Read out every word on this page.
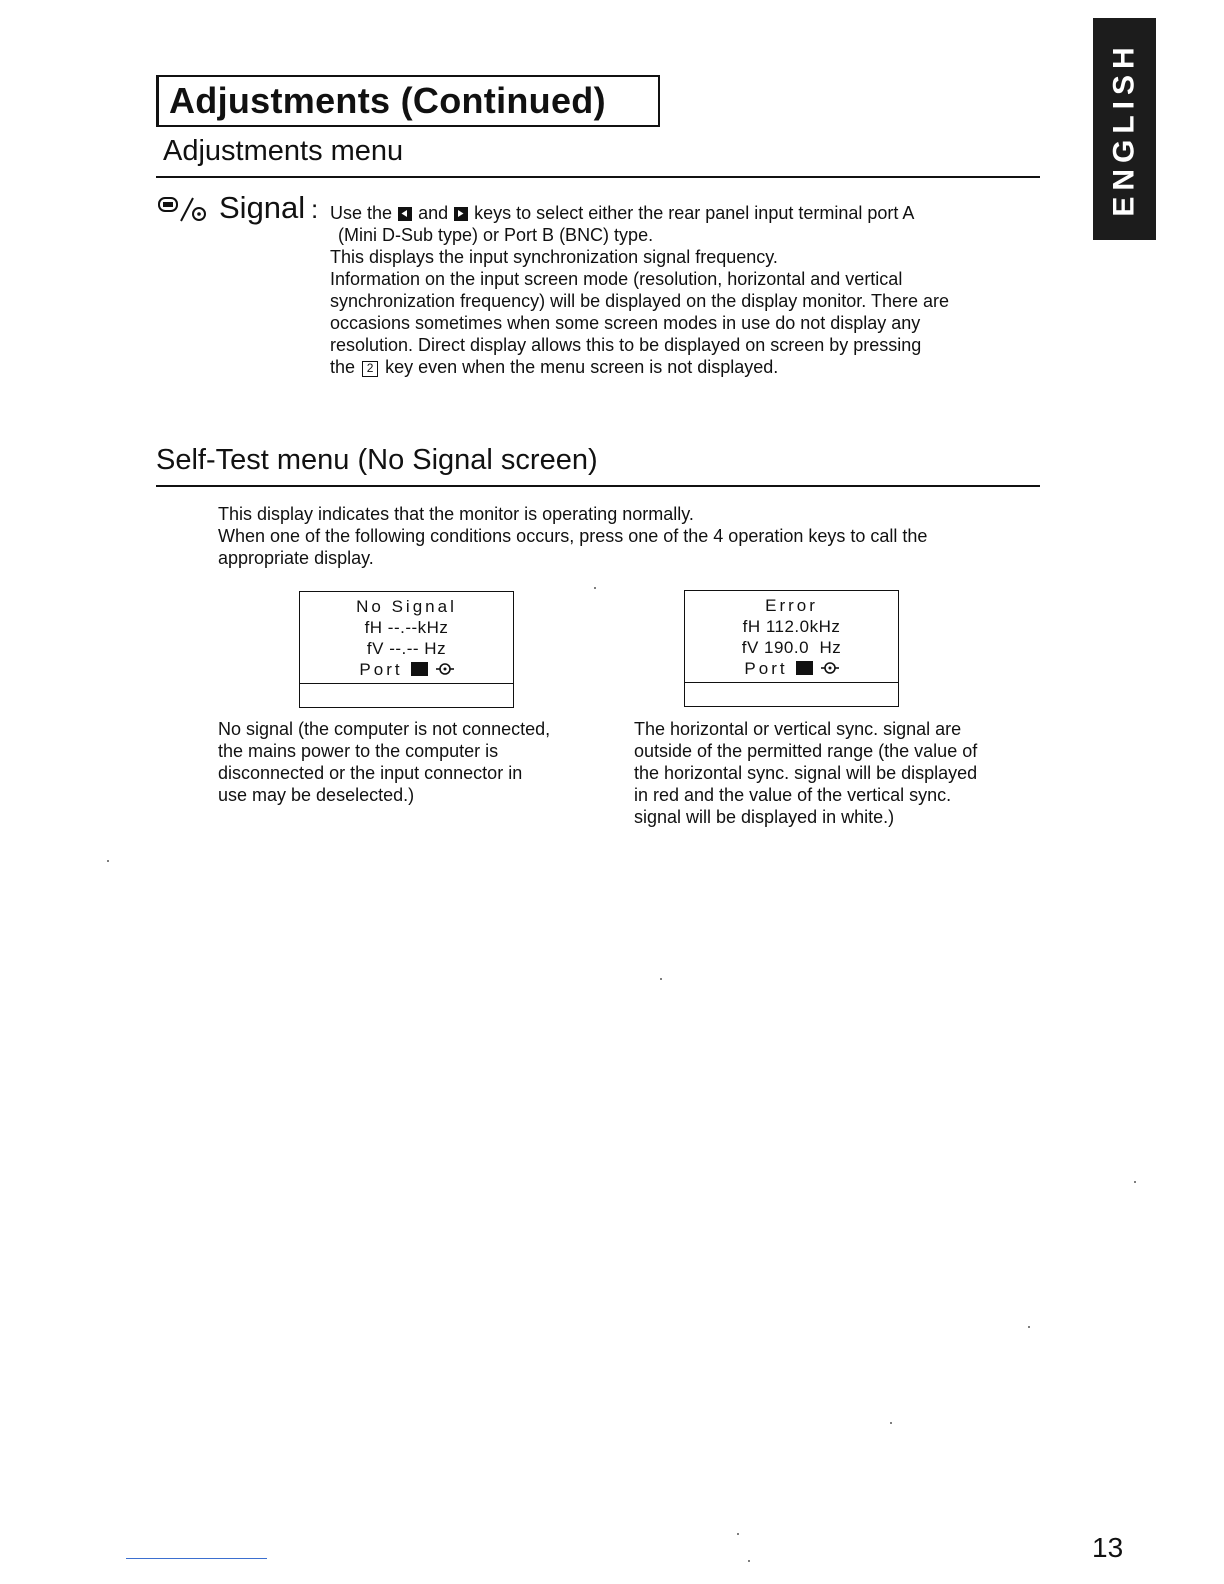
ENGLISH
Adjustments (Continued)
Adjustments menu
Signal : Use the and keys to select either the rear panel input terminal port A
(Mini D-Sub type) or Port B (BNC) type.
This displays the input synchronization signal frequency.
Information on the input screen mode (resolution, horizontal and vertical
synchronization frequency) will be displayed on the display monitor. There are
occasions sometimes when some screen modes in use do not display any
resolution. Direct display allows this to be displayed on screen by pressing
the 2 key even when the menu screen is not displayed.
Self-Test menu (No Signal screen)
This display indicates that the monitor is operating normally.
When one of the following conditions occurs, press one of the 4 operation keys to call the
appropriate display.
No Signal
fH --.--kHz
fV --.-- Hz
Port
Error
fH 112.0kHz
fV 190.0  Hz
Port
No signal (the computer is not connected,
the mains power to the computer is
disconnected or the input connector in
use may be deselected.)
The horizontal or vertical sync. signal are
outside of the permitted range (the value of
the horizontal sync. signal will be displayed
in red and the value of the vertical sync.
signal will be displayed in white.)
13
